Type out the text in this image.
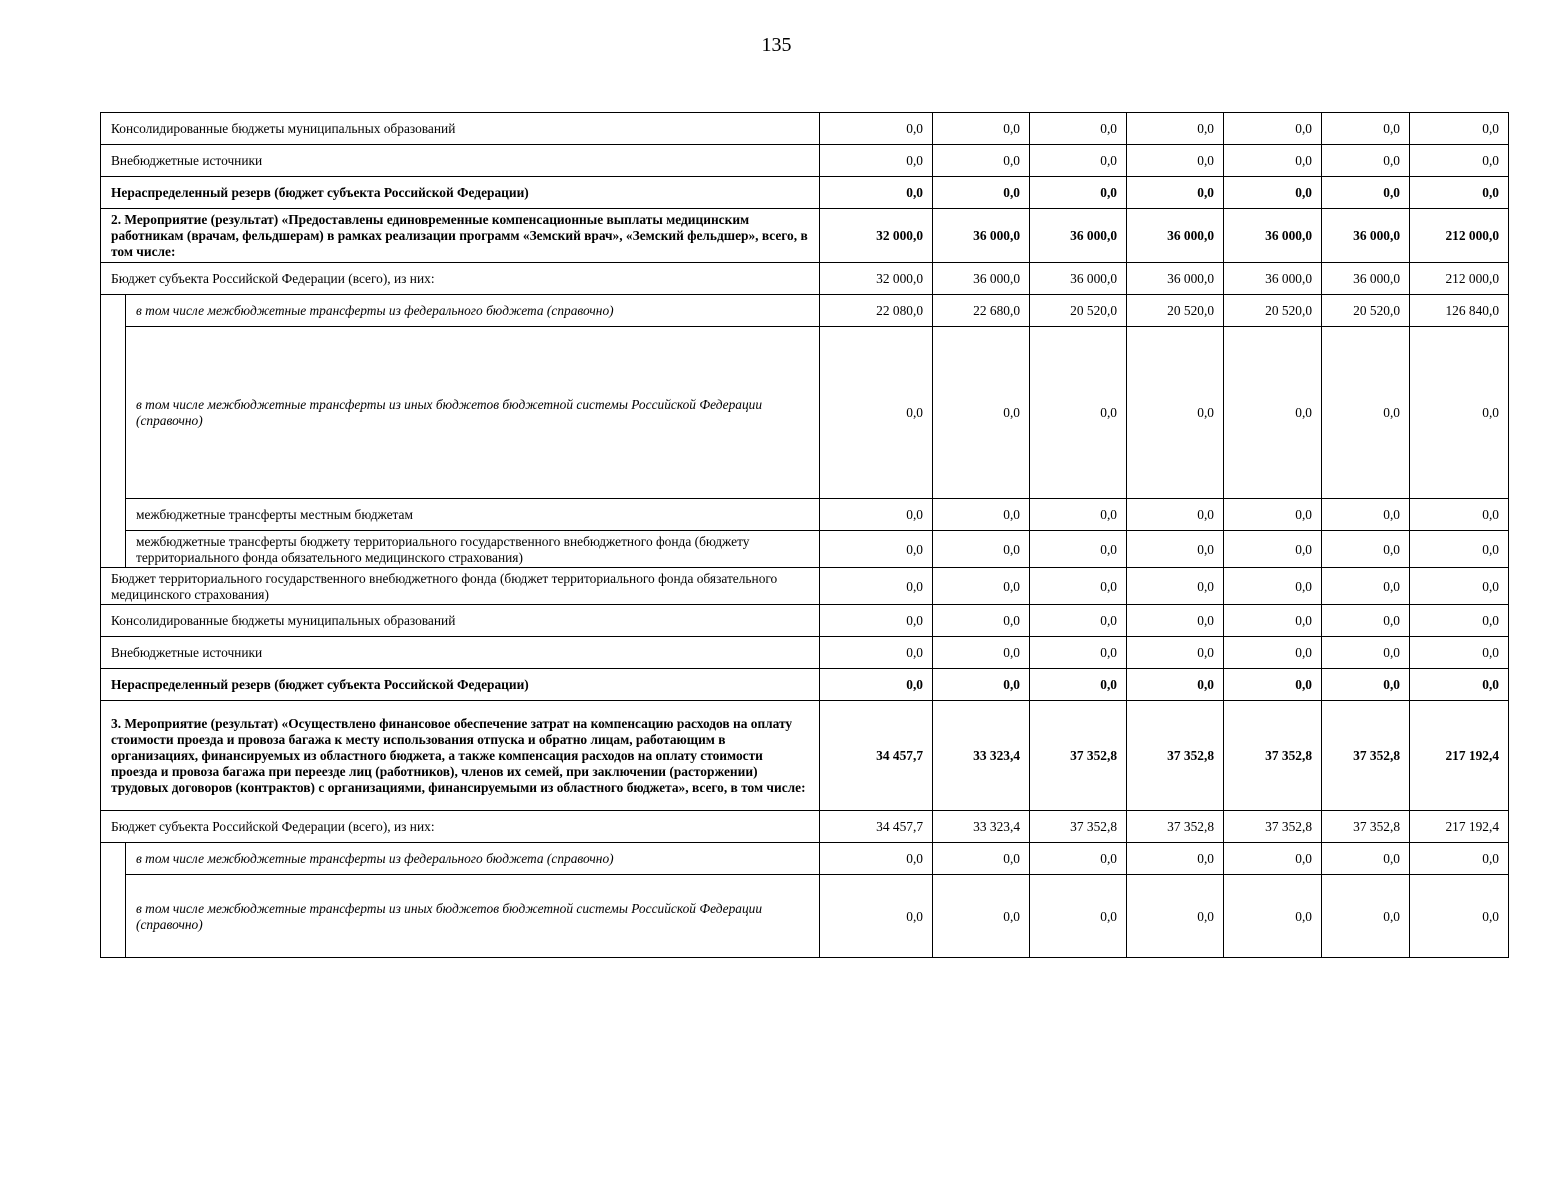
135
Консолидированные бюджеты муниципальных образований		0,0	0,0	0,0	0,0	0,0	0,0	0,0
Внебюджетные источники		0,0	0,0	0,0	0,0	0,0	0,0	0,0
Нераспределенный резерв (бюджет субъекта Российской Федерации)		0,0	0,0	0,0	0,0	0,0	0,0	0,0
2. Мероприятие (результат) «Предоставлены единовременные компенсационные выплаты медицинским работникам (врачам, фельдшерам) в рамках реализации программ «Земский врач», «Земский фельдшер», всего, в том числе:		32 000,0	36 000,0	36 000,0	36 000,0	36 000,0	36 000,0	212 000,0
Бюджет субъекта Российской Федерации (всего), из них:		32 000,0	36 000,0	36 000,0	36 000,0	36 000,0	36 000,0	212 000,0
	в том числе межбюджетные трансферты из федерального бюджета (справочно)	22 080,0	22 680,0	20 520,0	20 520,0	20 520,0	20 520,0	126 840,0
	в том числе межбюджетные трансферты из иных бюджетов бюджетной системы Российской Федерации (справочно)	0,0	0,0	0,0	0,0	0,0	0,0	0,0
	межбюджетные трансферты местным бюджетам	0,0	0,0	0,0	0,0	0,0	0,0	0,0
	межбюджетные трансферты бюджету территориального государственного внебюджетного фонда (бюджету территориального фонда обязательного медицинского страхования)	0,0	0,0	0,0	0,0	0,0	0,0	0,0
Бюджет территориального государственного внебюджетного фонда (бюджет территориального фонда обязательного медицинского страхования)		0,0	0,0	0,0	0,0	0,0	0,0	0,0
Консолидированные бюджеты муниципальных образований		0,0	0,0	0,0	0,0	0,0	0,0	0,0
Внебюджетные источники		0,0	0,0	0,0	0,0	0,0	0,0	0,0
Нераспределенный резерв (бюджет субъекта Российской Федерации)		0,0	0,0	0,0	0,0	0,0	0,0	0,0
3. Мероприятие (результат) «Осуществлено финансовое обеспечение затрат на компенсацию расходов на оплату стоимости проезда и провоза багажа к месту использования отпуска и обратно лицам, работающим в организациях, финансируемых из областного бюджета, а также компенсация расходов на оплату стоимости проезда и провоза багажа при переезде лиц (работников), членов их семей, при заключении (расторжении) трудовых договоров (контрактов) с организациями, финансируемыми из областного бюджета», всего, в том числе:		34 457,7	33 323,4	37 352,8	37 352,8	37 352,8	37 352,8	217 192,4
Бюджет субъекта Российской Федерации (всего), из них:		34 457,7	33 323,4	37 352,8	37 352,8	37 352,8	37 352,8	217 192,4
	в том числе межбюджетные трансферты из федерального бюджета (справочно)	0,0	0,0	0,0	0,0	0,0	0,0	0,0
	в том числе межбюджетные трансферты из иных бюджетов бюджетной системы Российской Федерации (справочно)	0,0	0,0	0,0	0,0	0,0	0,0	0,0
